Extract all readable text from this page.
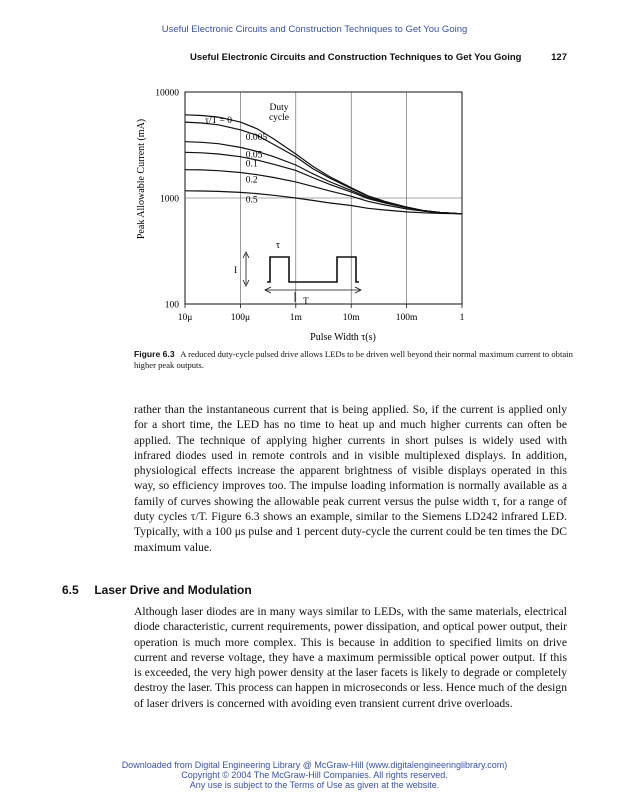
Useful Electronic Circuits and Construction Techniques to Get You Going
Useful Electronic Circuits and Construction Techniques to Get You Going	127
10μ	100μ	1m	10m	100m	1
100
1000
10000
Peak Allowable Current (mA)
Pulse Width τ(s)
Duty
cycle
τ/T = 0
0.005
0.05
0.1
0.2
0.5
I
τ
T
Figure 6.3 A reduced duty-cycle pulsed drive allows LEDs to be driven well beyond their normal maximum current to obtain higher peak outputs.

rather than the instantaneous current that is being applied. So, if the current is applied only for a short time, the LED has no time to heat up and much higher currents can often be applied. The technique of applying higher currents in short pulses is widely used with infrared diodes used in remote controls and in visible multiplexed displays. In addition, physiological effects increase the apparent brightness of visible displays operated in this way, so efficiency improves too. The impulse loading information is normally available as a family of curves showing the allowable peak current versus the pulse width τ, for a range of duty cycles τ/T. Figure 6.3 shows an example, similar to the Siemens LD242 infrared LED. Typically, with a 100 μs pulse and 1 percent duty-cycle the current could be ten times the DC maximum value.

6.5 Laser Drive and Modulation

Although laser diodes are in many ways similar to LEDs, with the same materials, electrical diode characteristic, current requirements, power dissipation, and optical power output, their operation is much more complex. This is because in addition to specified limits on drive current and reverse voltage, they have a maximum permissible optical power output. If this is exceeded, the very high power density at the laser facets is likely to degrade or completely destroy the laser. This process can happen in microseconds or less. Hence much of the design of laser drivers is concerned with avoiding even transient current drive overloads.

Downloaded from Digital Engineering Library @ McGraw-Hill (www.digitalengineeringlibrary.com)
Copyright © 2004 The McGraw-Hill Companies. All rights reserved.
Any use is subject to the Terms of Use as given at the website.
